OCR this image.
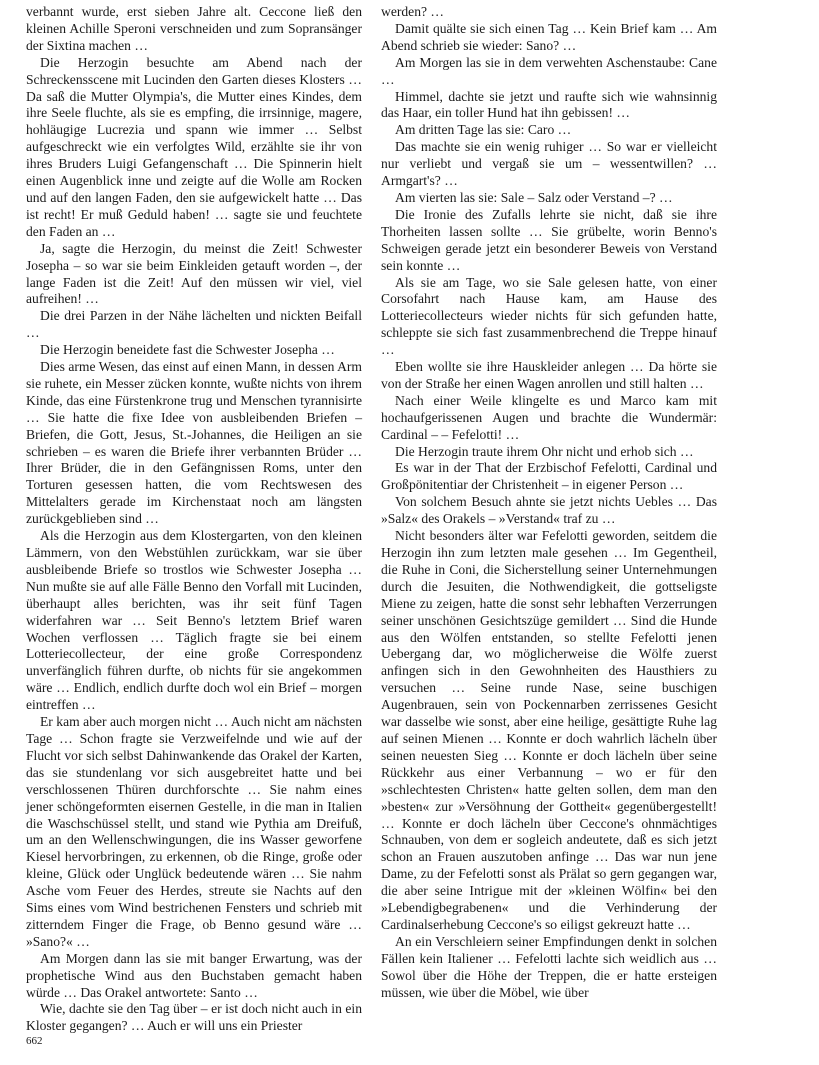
verbannt wurde, erst sieben Jahre alt. Ceccone ließ den kleinen Achille Speroni verschneiden und zum Sopransänger der Sixtina machen …

Die Herzogin besuchte am Abend nach der Schreckensscene mit Lucinden den Garten dieses Klosters … Da saß die Mutter Olympia's, die Mutter eines Kindes, dem ihre Seele fluchte, als sie es empfing, die irrsinnige, magere, hohläugige Lucrezia und spann wie immer … Selbst aufgeschreckt wie ein verfolgtes Wild, erzählte sie ihr von ihres Bruders Luigi Gefangenschaft … Die Spinnerin hielt einen Augenblick inne und zeigte auf die Wolle am Rocken und auf den langen Faden, den sie aufgewickelt hatte … Das ist recht! Er muß Geduld haben! … sagte sie und feuchtete den Faden an …

Ja, sagte die Herzogin, du meinst die Zeit! Schwester Josepha – so war sie beim Einkleiden getauft worden –, der lange Faden ist die Zeit! Auf den müssen wir viel, viel aufreihen! …

Die drei Parzen in der Nähe lächelten und nickten Beifall …

Die Herzogin beneidete fast die Schwester Josepha …

Dies arme Wesen, das einst auf einen Mann, in dessen Arm sie ruhete, ein Messer zücken konnte, wußte nichts von ihrem Kinde, das eine Fürstenkrone trug und Menschen tyrannisirte … Sie hatte die fixe Idee von ausbleibenden Briefen – Briefen, die Gott, Jesus, St.-Johannes, die Heiligen an sie schrieben – es waren die Briefe ihrer verbannten Brüder … Ihrer Brüder, die in den Gefängnissen Roms, unter den Torturen gesessen hatten, die vom Rechtswesen des Mittelalters gerade im Kirchenstaat noch am längsten zurückgeblieben sind …

Als die Herzogin aus dem Klostergarten, von den kleinen Lämmern, von den Webstühlen zurückkam, war sie über ausbleibende Briefe so trostlos wie Schwester Josepha … Nun mußte sie auf alle Fälle Benno den Vorfall mit Lucinden, überhaupt alles berichten, was ihr seit fünf Tagen widerfahren war … Seit Benno's letztem Brief waren Wochen verflossen … Täglich fragte sie bei einem Lotteriecollecteur, der eine große Correspondenz unverfänglich führen durfte, ob nichts für sie angekommen wäre … Endlich, endlich durfte doch wol ein Brief – morgen eintreffen …

Er kam aber auch morgen nicht … Auch nicht am nächsten Tage … Schon fragte sie Verzweifelnde und wie auf der Flucht vor sich selbst Dahinwankende das Orakel der Karten, das sie stundenlang vor sich ausgebreitet hatte und bei verschlossenen Thüren durchforschte … Sie nahm eines jener schöngeformten eisernen Gestelle, in die man in Italien die Waschschüssel stellt, und stand wie Pythia am Dreifuß, um an den Wellenschwingungen, die ins Wasser geworfene Kiesel hervorbringen, zu erkennen, ob die Ringe, große oder kleine, Glück oder Unglück bedeutende wären … Sie nahm Asche vom Feuer des Herdes, streute sie Nachts auf den Sims eines vom Wind bestrichenen Fensters und schrieb mit zitterndem Finger die Frage, ob Benno gesund wäre … »Sano?« …

Am Morgen dann las sie mit banger Erwartung, was der prophetische Wind aus den Buchstaben gemacht haben würde … Das Orakel antwortete: Santo …

Wie, dachte sie den Tag über – er ist doch nicht auch in ein Kloster gegangen? … Auch er will uns ein Priester

werden? …

Damit quälte sie sich einen Tag … Kein Brief kam … Am Abend schrieb sie wieder: Sano? …

Am Morgen las sie in dem verwehten Aschenstaube: Cane …

Himmel, dachte sie jetzt und raufte sich wie wahnsinnig das Haar, ein toller Hund hat ihn gebissen! …

Am dritten Tage las sie: Caro …

Das machte sie ein wenig ruhiger … So war er vielleicht nur verliebt und vergaß sie um – wessentwillen? … Armgart's? …

Am vierten las sie: Sale – Salz oder Verstand –? …

Die Ironie des Zufalls lehrte sie nicht, daß sie ihre Thorheiten lassen sollte … Sie grübelte, worin Benno's Schweigen gerade jetzt ein besonderer Beweis von Verstand sein konnte …

Als sie am Tage, wo sie Sale gelesen hatte, von einer Corsofahrt nach Hause kam, am Hause des Lotteriecollecteurs wieder nichts für sich gefunden hatte, schleppte sie sich fast zusammenbrechend die Treppe hinauf …

Eben wollte sie ihre Hauskleider anlegen … Da hörte sie von der Straße her einen Wagen anrollen und still halten …

Nach einer Weile klingelte es und Marco kam mit hochaufgerissenen Augen und brachte die Wundermär: Cardinal – – Fefelotti! …

Die Herzogin traute ihrem Ohr nicht und erhob sich …

Es war in der That der Erzbischof Fefelotti, Cardinal und Großpönitentiar der Christenheit – in eigener Person …

Von solchem Besuch ahnte sie jetzt nichts Uebles … Das »Salz« des Orakels – »Verstand« traf zu …

Nicht besonders älter war Fefelotti geworden, seitdem die Herzogin ihn zum letzten male gesehen … Im Gegentheil, die Ruhe in Coni, die Sicherstellung seiner Unternehmungen durch die Jesuiten, die Nothwendigkeit, die gottseligste Miene zu zeigen, hatte die sonst sehr lebhaften Verzerrungen seiner unschönen Gesichtszüge gemildert … Sind die Hunde aus den Wölfen entstanden, so stellte Fefelotti jenen Uebergang dar, wo möglicherweise die Wölfe zuerst anfingen sich in den Gewohnheiten des Hausthiers zu versuchen … Seine runde Nase, seine buschigen Augenbrauen, sein von Pockennarben zerrissenes Gesicht war dasselbe wie sonst, aber eine heilige, gesättigte Ruhe lag auf seinen Mienen … Konnte er doch wahrlich lächeln über seinen neuesten Sieg … Konnte er doch lächeln über seine Rückkehr aus einer Verbannung – wo er für den »schlechtesten Christen« hatte gelten sollen, dem man den »besten« zur »Versöhnung der Gottheit« gegenübergestellt! … Konnte er doch lächeln über Ceccone's ohnmächtiges Schnauben, von dem er sogleich andeutete, daß es sich jetzt schon an Frauen auszutoben anfinge … Das war nun jene Dame, zu der Fefelotti sonst als Prälat so gern gegangen war, die aber seine Intrigue mit der »kleinen Wölfin« bei den »Lebendigbegrabenen« und die Verhinderung der Cardinalserhebung Ceccone's so eiligst gekreuzt hatte …

An ein Verschleiern seiner Empfindungen denkt in solchen Fällen kein Italiener … Fefelotti lachte sich weidlich aus … Sowol über die Höhe der Treppen, die er hatte ersteigen müssen, wie über die Möbel, wie über

662
